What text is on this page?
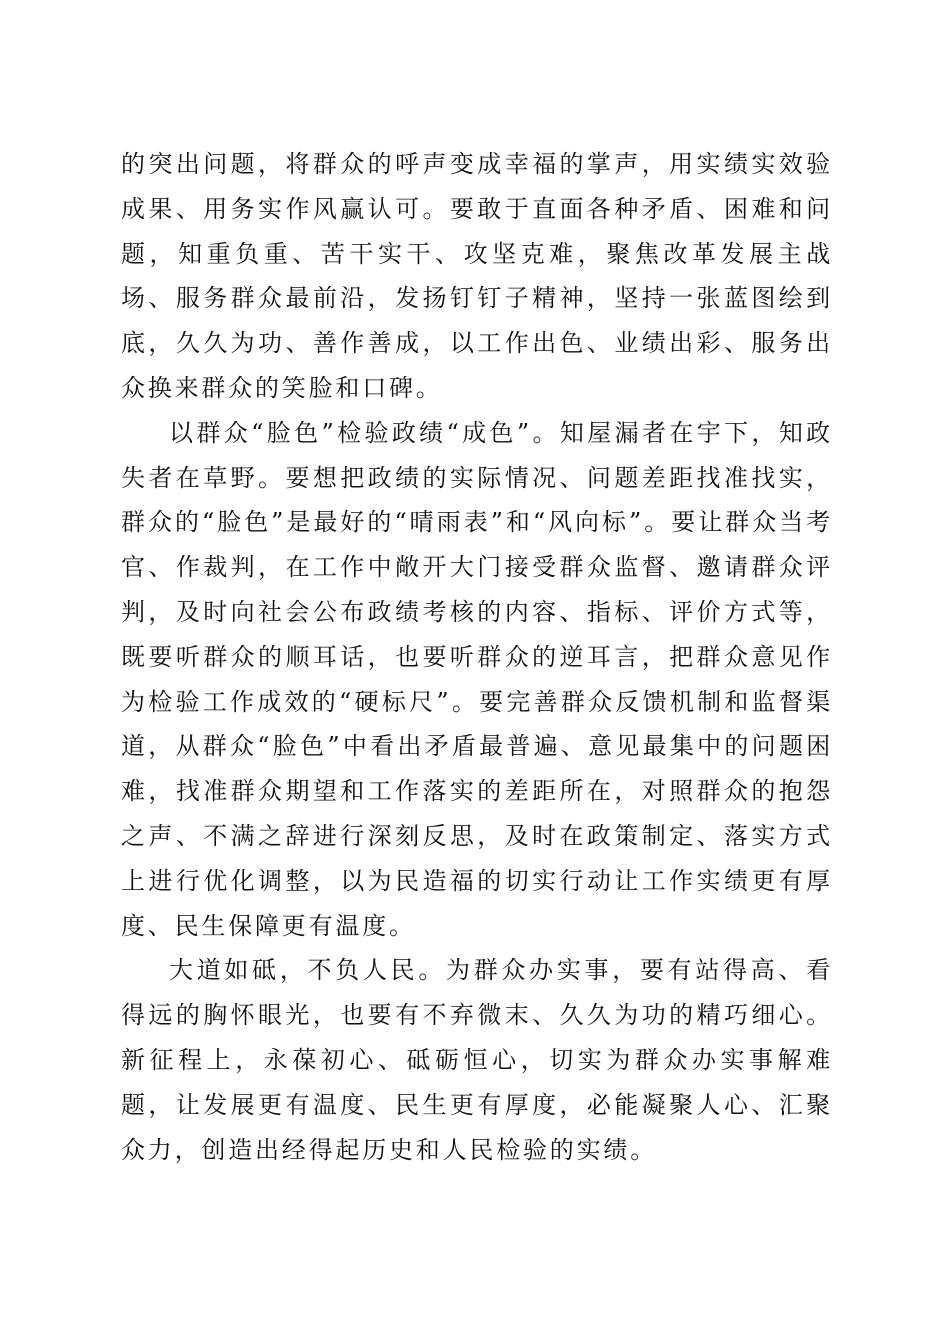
的突出问题，将群众的呼声变成幸福的掌声，用实绩实效验成果、用务实作风赢认可。要敢于直面各种矛盾、困难和问题，知重负重、苦干实干、攻坚克难，聚焦改革发展主战场、服务群众最前沿，发扬钉钉子精神，坚持一张蓝图绘到底，久久为功、善作善成，以工作出色、业绩出彩、服务出众换来群众的笑脸和口碑。

以群众“脸色”检验政绩“成色”。知屋漏者在宇下，知政失者在草野。要想把政绩的实际情况、问题差距找准找实，群众的“脸色”是最好的“晴雨表”和“风向标”。要让群众当考官、作裁判，在工作中敞开大门接受群众监督、邀请群众评判，及时向社会公布政绩考核的内容、指标、评价方式等，既要听群众的顺耳话，也要听群众的逆耳言，把群众意见作为检验工作成效的“硬标尺”。要完善群众反馈机制和监督渠道，从群众“脸色”中看出矛盾最普遍、意见最集中的问题困难，找准群众期望和工作落实的差距所在，对照群众的抱怨之声、不满之辞进行深刻反思，及时在政策制定、落实方式上进行优化调整，以为民造福的切实行动让工作实绩更有厚度、民生保障更有温度。

大道如砥，不负人民。为群众办实事，要有站得高、看得远的胸怀眼光，也要有不弃微末、久久为功的精巧细心。新征程上，永葆初心、砥砺恒心，切实为群众办实事解难题，让发展更有温度、民生更有厚度，必能凝聚人心、汇聚众力，创造出经得起历史和人民检验的实绩。
